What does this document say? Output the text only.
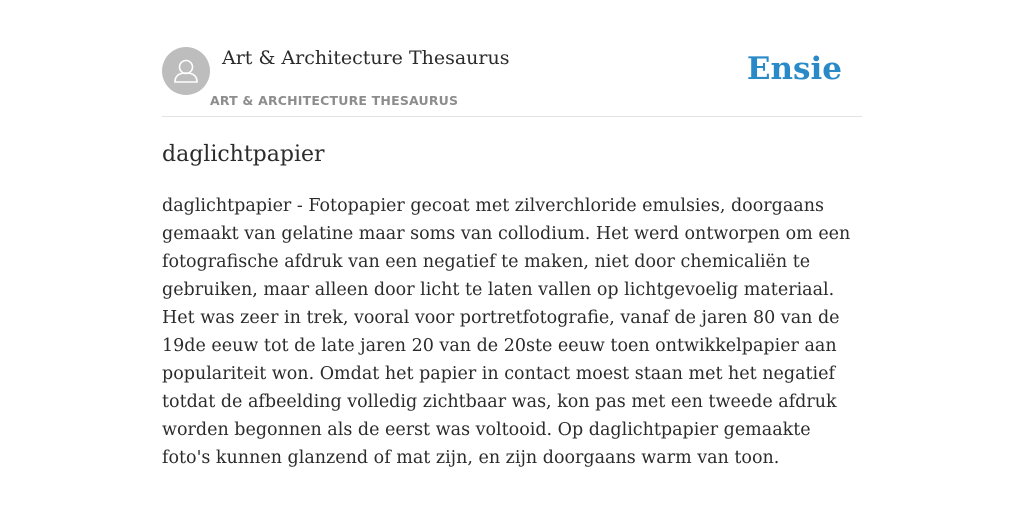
Art & Architecture Thesaurus
ART & ARCHITECTURE THESAURUS
Ensie
daglichtpapier

daglichtpapier - Fotopapier gecoat met zilverchloride emulsies, doorgaans gemaakt van gelatine maar soms van collodium. Het werd ontworpen om een fotografische afdruk van een negatief te maken, niet door chemicaliën te gebruiken, maar alleen door licht te laten vallen op lichtgevoelig materiaal. Het was zeer in trek, vooral voor portretfotografie, vanaf de jaren 80 van de 19de eeuw tot de late jaren 20 van de 20ste eeuw toen ontwikkelpapier aan populariteit won. Omdat het papier in contact moest staan met het negatief totdat de afbeelding volledig zichtbaar was, kon pas met een tweede afdruk worden begonnen als de eerst was voltooid. Op daglichtpapier gemaakte foto's kunnen glanzend of mat zijn, en zijn doorgaans warm van toon.
